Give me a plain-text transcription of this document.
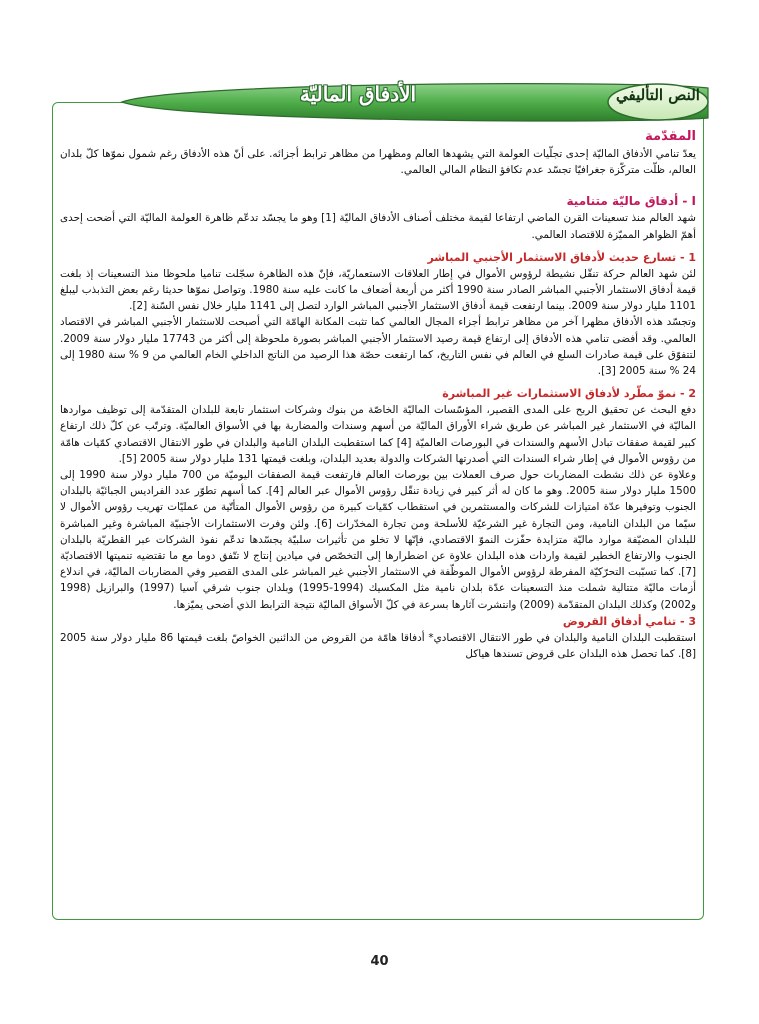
الأدفاق الماليّة	النص التأليفي
المقدّمة

يعدّ تنامي الأدفاق الماليّة إحدى تجلّيات العولمة التي يشهدها العالم ومظهرا من مظاهر ترابط أجزائه. على أنّ هذه الأدفاق رغم شمول نموّها كلّ بلدان العالم، ظلّت متركّزة جغرافيّا تجسّد عدم تكافؤ النظام المالي العالمي.

I - أدفاق ماليّة متنامية

شهد العالم منذ تسعينات القرن الماضي ارتفاعا لقيمة مختلف أصناف الأدفاق الماليّة [1] وهو ما يجسّد تدعّم ظاهرة العولمة الماليّة التي أضحت إحدى أهمّ الظواهر المميّزة للاقتصاد العالمي.

1 - تسارع حديث لأدفاق الاستثمار الأجنبي المباشر

لئن شهد العالم حركة تنقّل نشيطة لرؤوس الأموال في إطار العلاقات الاستعماريّة، فإنّ هذه الظاهرة سجّلت تناميا ملحوظا منذ التسعينات إذ بلغت قيمة أدفاق الاستثمار الأجنبي المباشر الصادر سنة 1990 أكثر من أربعة أضعاف ما كانت عليه سنة 1980. وتواصل نموّها حديثا رغم بعض التذبذب ليبلغ 1101 مليار دولار سنة 2009. بينما ارتفعت قيمة أدفاق الاستثمار الأجنبي المباشر الوارد لتصل إلى 1141 مليار خلال نفس السّنة [2].

وتجسّد هذه الأدفاق مظهرا آخر من مظاهر ترابط أجزاء المجال العالمي كما تثبت المكانة الهامّة التي أصبحت للاستثمار الأجنبي المباشر في الاقتصاد العالمي. وقد أفضى تنامي هذه الأدفاق إلى ارتفاع قيمة رصيد الاستثمار الأجنبي المباشر بصورة ملحوظة إلى أكثر من 17743 مليار دولار سنة 2009. لتتفوّق على قيمة صادرات السلع في العالم في نفس التاريخ، كما ارتفعت حصّة هذا الرصيد من الناتج الداخلي الخام العالمي من 9 % سنة 1980 إلى 24 % سنة 2005 [3].

2 - نموّ مطّرد لأدفاق الاستثمارات غير المباشرة

دفع البحث عن تحقيق الربح على المدى القصير، المؤسّسات الماليّة الخاصّة من بنوك وشركات استثمار تابعة للبلدان المتقدّمة إلى توظيف مواردها الماليّة في الاستثمار غير المباشر عن طريق شراء الأوراق الماليّة من أسهم وسندات والمضاربة بها في الأسواق العالميّة. وترتّب عن كلّ ذلك ارتفاع كبير لقيمة صفقات تبادل الأسهم والسندات في البورصات العالميّة [4] كما استقطبت البلدان النامية والبلدان في طور الانتقال الاقتصادي كمّيات هامّة من رؤوس الأموال في إطار شراء السندات التي أصدرتها الشركات والدولة بعديد البلدان، وبلغت قيمتها 131 مليار دولار سنة 2005 [5].

وعلاوة عن ذلك نشطت المضاربات حول صرف العملات بين بورصات العالم فارتفعت قيمة الصفقات اليوميّة من 700 مليار دولار سنة 1990 إلى 1500 مليار دولار سنة 2005. وهو ما كان له أثر كبير في زيادة تنقّل رؤوس الأموال عبر العالم [4]. كما أسهم تطوّر عدد الفراديس الجبائيّة بالبلدان الجنوب وتوفيرها عدّة امتيازات للشركات والمستثمرين في استقطاب كمّيات كبيرة من رؤوس الأموال المتأتّية من عمليّات تهريب رؤوس الأموال لا سيّما من البلدان النامية، ومن التجارة غير الشرعيّة للأسلحة ومن تجارة المخدّرات [6]. ولئن وفرت الاستثمارات الأجنبيّة المباشرة وغير المباشرة للبلدان المضيّفة موارد ماليّة متزايدة حفّزت النموّ الاقتصادي، فإنّها لا تخلو من تأثيرات سلبيّة يجسّدها تدعّم نفوذ الشركات عبر القطريّة بالبلدان الجنوب والارتفاع الخطير لقيمة واردات هذه البلدان علاوة عن اضطرارها إلى التخصّص في ميادين إنتاج لا تتّفق دوما مع ما تقتضيه تنميتها الاقتصاديّة [7]. كما تسبّبت التحرّكيّة المفرطة لرؤوس الأموال الموظّفة في الاستثمار الأجنبي غير المباشر على المدى القصير وفي المضاربات الماليّة، في اندلاع أزمات ماليّة متتالية شملت منذ التسعينات عدّة بلدان نامية مثل المكسيك (1994-1995) وبلدان جنوب شرقي آسيا (1997) والبرازيل (1998 و2002) وكذلك البلدان المتقدّمة (2009) وانتشرت آثارها بسرعة في كلّ الأسواق الماليّة نتيجة الترابط الذي أضحى يميّزها.

3 - تنامي أدفاق القروض

استقطبت البلدان النامية والبلدان في طور الانتقال الاقتصادي* أدفاقا هامّة من القروض من الدائنين الخواصّ بلغت قيمتها 86 مليار دولار سنة 2005 [8]. كما تحصل هذه البلدان على قروض تسندها هياكل

40
